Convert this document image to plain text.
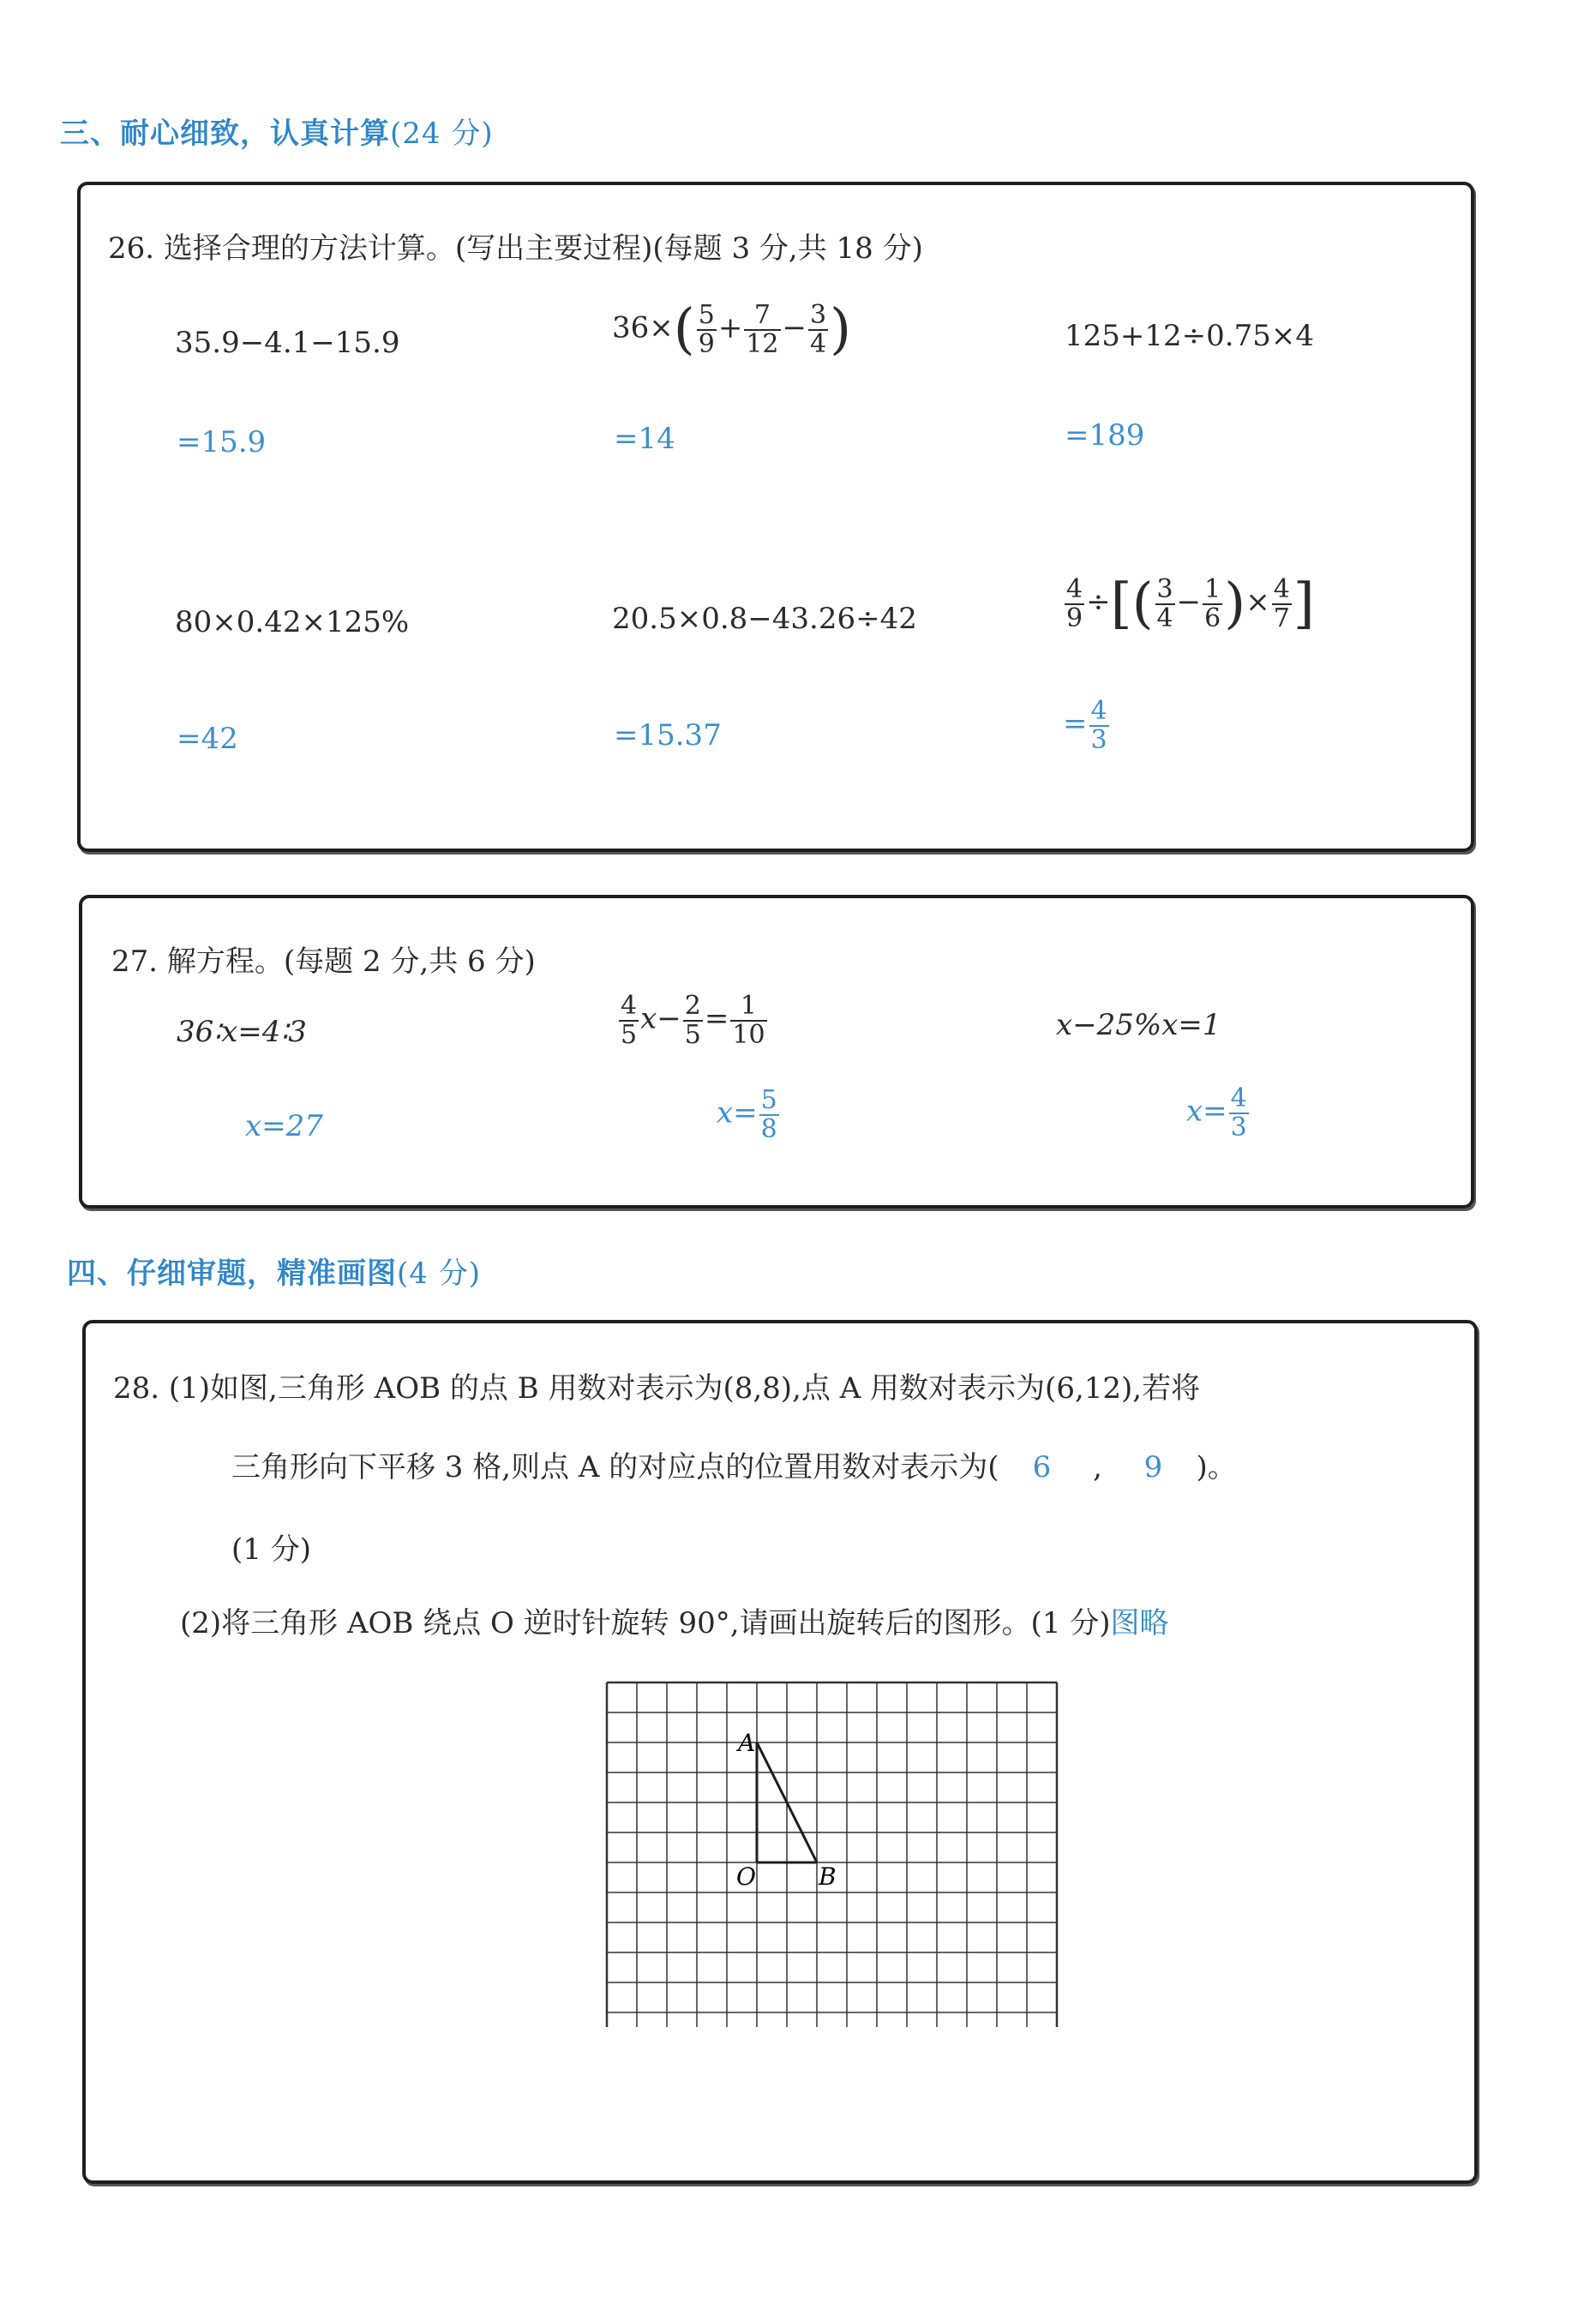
三、耐心细致，认真计算(24 分)
26. 选择合理的方法计算。(写出主要过程)(每题 3 分,共 18 分)
35.9−4.1−15.9
=15.9
$36\times( \frac{5}{9} + \frac{7}{12} - \frac{3}{4}$ )
=14
125+12÷0.75×4
=189
80×0.42×125%
=42
20.5×0.8−43.26÷42
=15.37
$\frac{4}{9}$ ÷[( $\frac{3}{4} - \frac{1}{6}$ )× $\frac{4}{7}$ ]
= $\frac{4}{3}$
27. 解方程。(每题 2 分,共 6 分)
36∶x=4∶3
x=27
$\frac{4}{5} x- \frac{2}{5} = \frac{1}{10}$
$x= \frac{5}{8}$
x−25%x=1
$x= \frac{4}{3}$
四、仔细审题，精准画图(4 分)
28. (1)如图,三角形 AOB 的点 B 用数对表示为(8,8),点 A 用数对表示为(6,12),若将
三角形向下平移 3 格,则点 A 的对应点的位置用数对表示为( 6 , 9 )。
(1 分)
(2)将三角形 AOB 绕点 O 逆时针旋转 90°,请画出旋转后的图形。(1 分)图略
A
O	B
